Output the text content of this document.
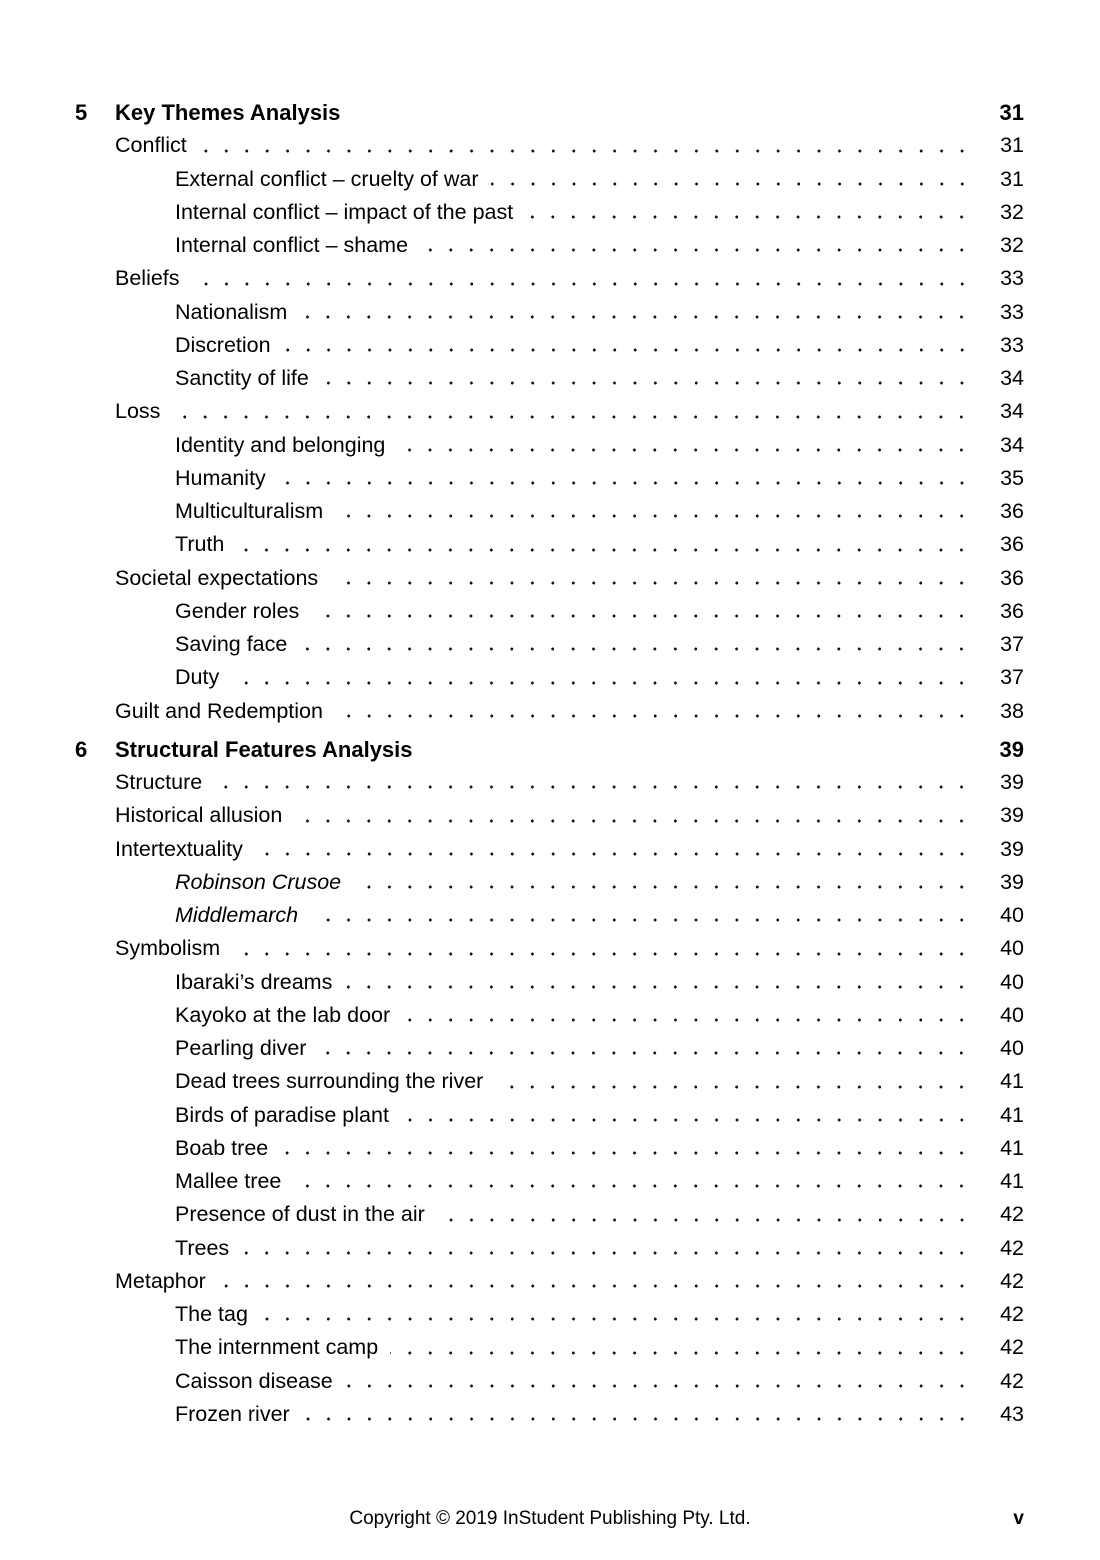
5	Key Themes Analysis	31
Conflict	31
External conflict – cruelty of war	31
Internal conflict – impact of the past	32
Internal conflict – shame	32
Beliefs	33
Nationalism	33
Discretion	33
Sanctity of life	34
Loss	34
Identity and belonging	34
Humanity	35
Multiculturalism	36
Truth	36
Societal expectations	36
Gender roles	36
Saving face	37
Duty	37
Guilt and Redemption	38
6	Structural Features Analysis	39
Structure	39
Historical allusion	39
Intertextuality	39
Robinson Crusoe	39
Middlemarch	40
Symbolism	40
Ibaraki’s dreams	40
Kayoko at the lab door	40
Pearling diver	40
Dead trees surrounding the river	41
Birds of paradise plant	41
Boab tree	41
Mallee tree	41
Presence of dust in the air	42
Trees	42
Metaphor	42
The tag	42
The internment camp	42
Caisson disease	42
Frozen river	43
Copyright © 2019 InStudent Publishing Pty. Ltd.	v
